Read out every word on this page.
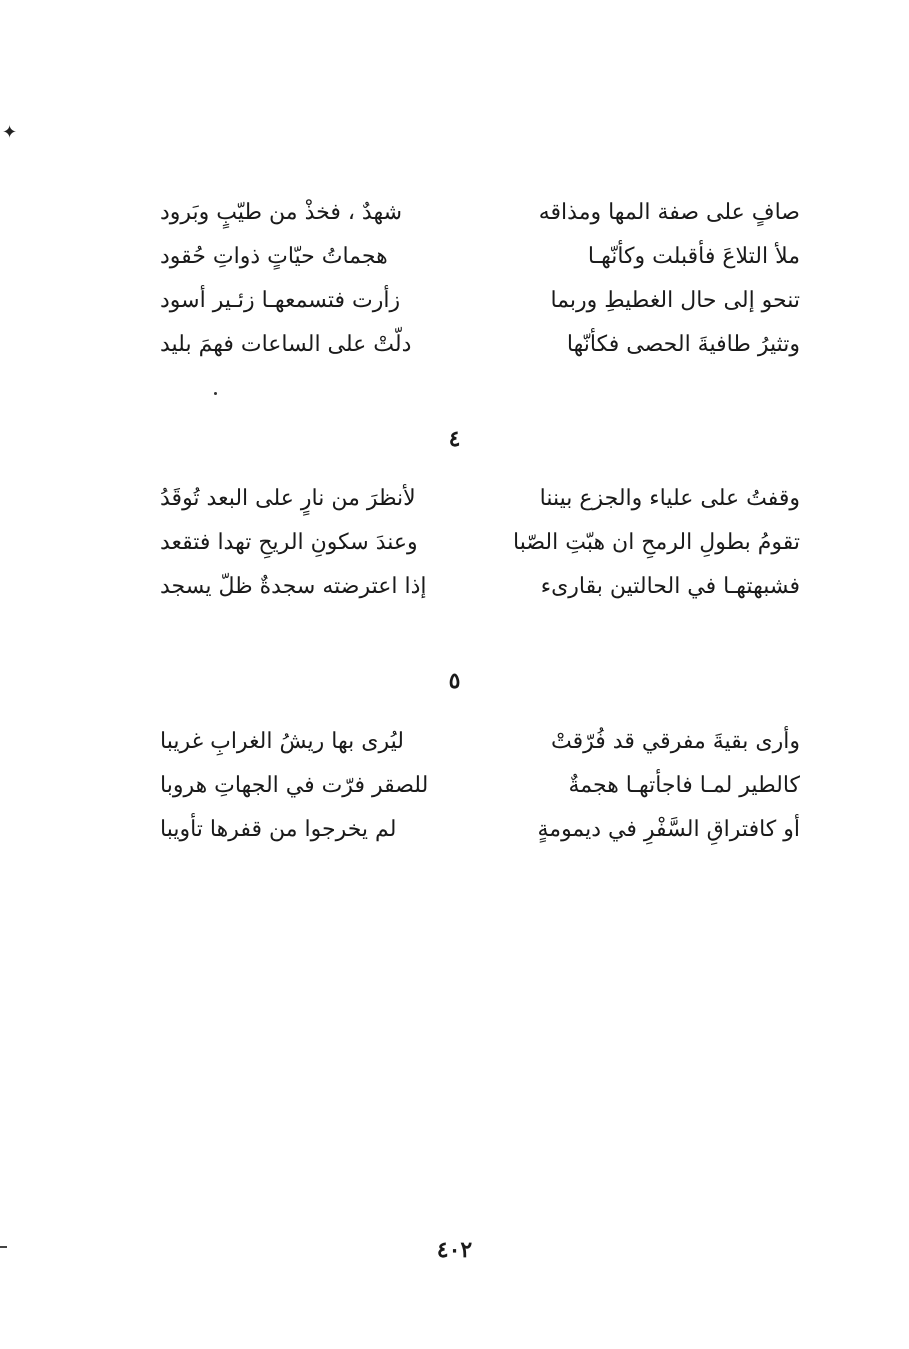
✦
صافٍ على صفة المها ومذاقه
شهدٌ ، فخذْ من طيّبٍ وبَرود
ملأ التلاعَ فأقبلت وكأنّهـا
هجماتُ حيّاتٍ ذواتِ حُقود
تنحو إلى حال الغطيطِ وربما
زأرت فتسمعهـا زئـير أسود
وتثيرُ طافيةَ الحصى فكأنّها
دلّتْ على الساعات فهمَ بليد
٤
وقفتُ على علياء والجزع بيننا
لأنظرَ من نارٍ على البعد تُوقَدُ
تقومُ بطولِ الرمحِ ان هبّتِ الصّبا
وعندَ سكونِ الريحِ تهدا فتقعد
فشبهتهـا في الحالتين بقارىء
إذا اعترضته سجدةٌ ظلّ يسجد
٥
وأرى بقيةَ مفرقي قد فُرّقتْ
ليُرى بها ريشُ الغرابِ غريبا
كالطير لمـا فاجأتهـا هجمةٌ
للصقر فرّت في الجهاتِ هروبا
أو كافتراقِ السَّفْرِ في ديمومةٍ
لم يخرجوا من قفرها تأويبا
٤٠٢
